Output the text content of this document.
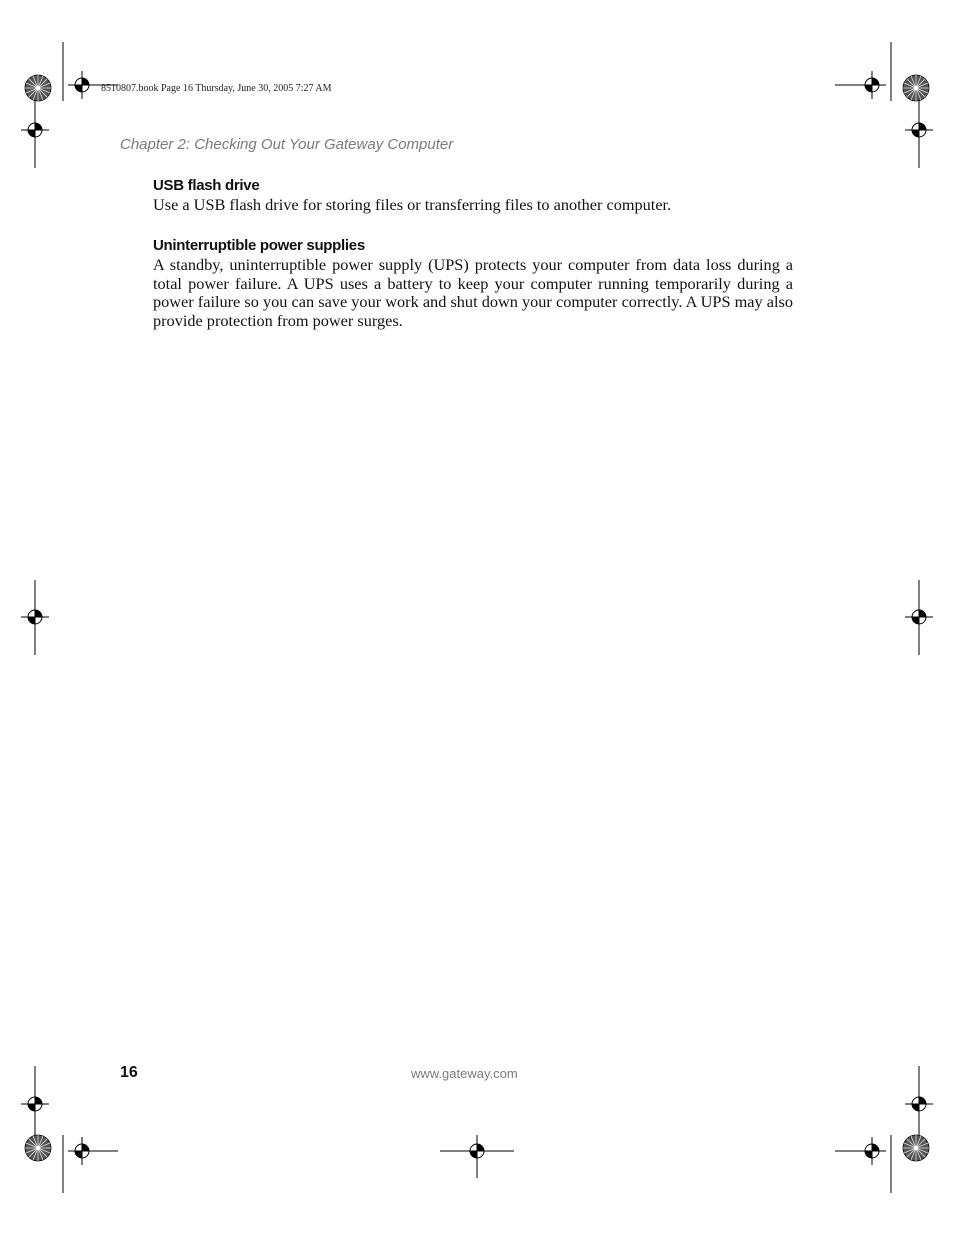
8510807.book Page 16 Thursday, June 30, 2005 7:27 AM
Chapter 2: Checking Out Your Gateway Computer
USB flash drive

Use a USB flash drive for storing files or transferring files to another computer.

Uninterruptible power supplies

A standby, uninterruptible power supply (UPS) protects your computer from data loss during a total power failure. A UPS uses a battery to keep your computer running temporarily during a power failure so you can save your work and shut down your computer correctly. A UPS may also provide protection from power surges.

16	www.gateway.com
